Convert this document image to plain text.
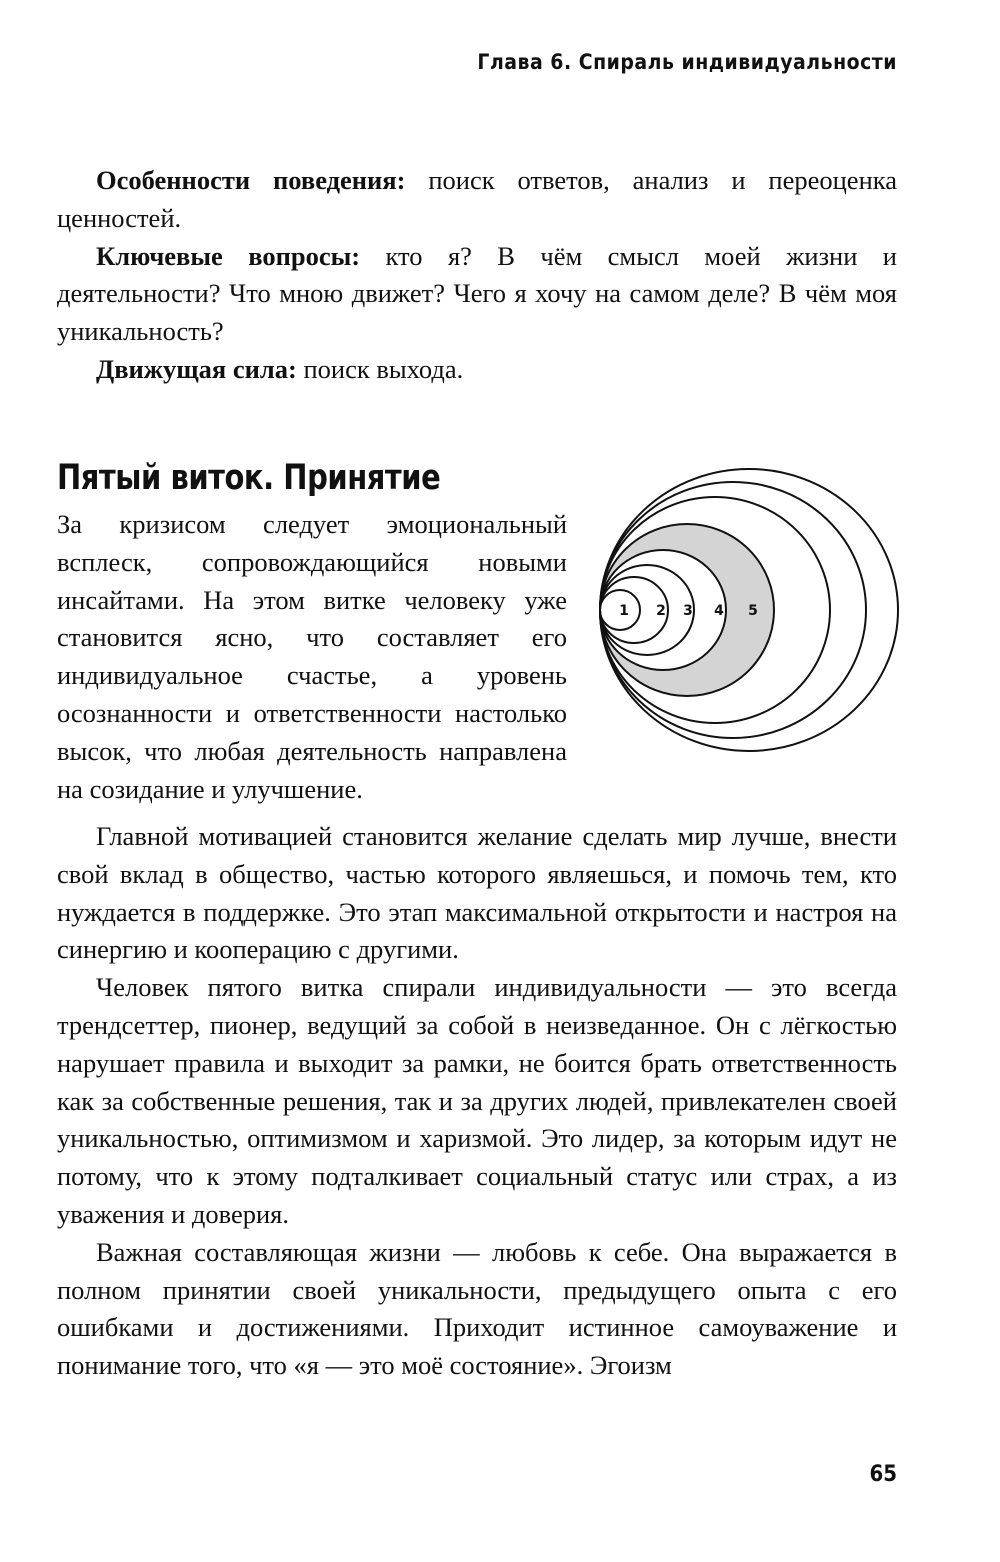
Глава 6. Спираль индивидуальности

Особенности поведения: поиск ответов, анализ и переоценка ценностей.

Ключевые вопросы: кто я? В чём смысл моей жизни и деятельности? Что мною движет? Чего я хочу на самом деле? В чём моя уникальность?

Движущая сила: поиск выхода.

Пятый виток. Принятие

За кризисом следует эмоциональный всплеск, сопровождающийся новыми инсайтами. На этом витке человеку уже становится ясно, что составляет его индивидуальное счастье, а уровень осознанности и ответственности настолько высок, что любая деятельность направлена на созидание и улучшение.

1 2 3 4 5

Главной мотивацией становится желание сделать мир лучше, внести свой вклад в общество, частью которого являешься, и помочь тем, кто нуждается в поддержке. Это этап максимальной открытости и настроя на синергию и кооперацию с другими.

Человек пятого витка спирали индивидуальности — это всегда трендсеттер, пионер, ведущий за собой в неизведанное. Он с лёгкостью нарушает правила и выходит за рамки, не боится брать ответственность как за собственные решения, так и за других людей, привлекателен своей уникальностью, оптимизмом и харизмой. Это лидер, за которым идут не потому, что к этому подталкивает социальный статус или страх, а из уважения и доверия.

Важная составляющая жизни — любовь к себе. Она выражается в полном принятии своей уникальности, предыдущего опыта с его ошибками и достижениями. Приходит истинное самоуважение и понимание того, что «я — это моё состояние». Эгоизм

65
